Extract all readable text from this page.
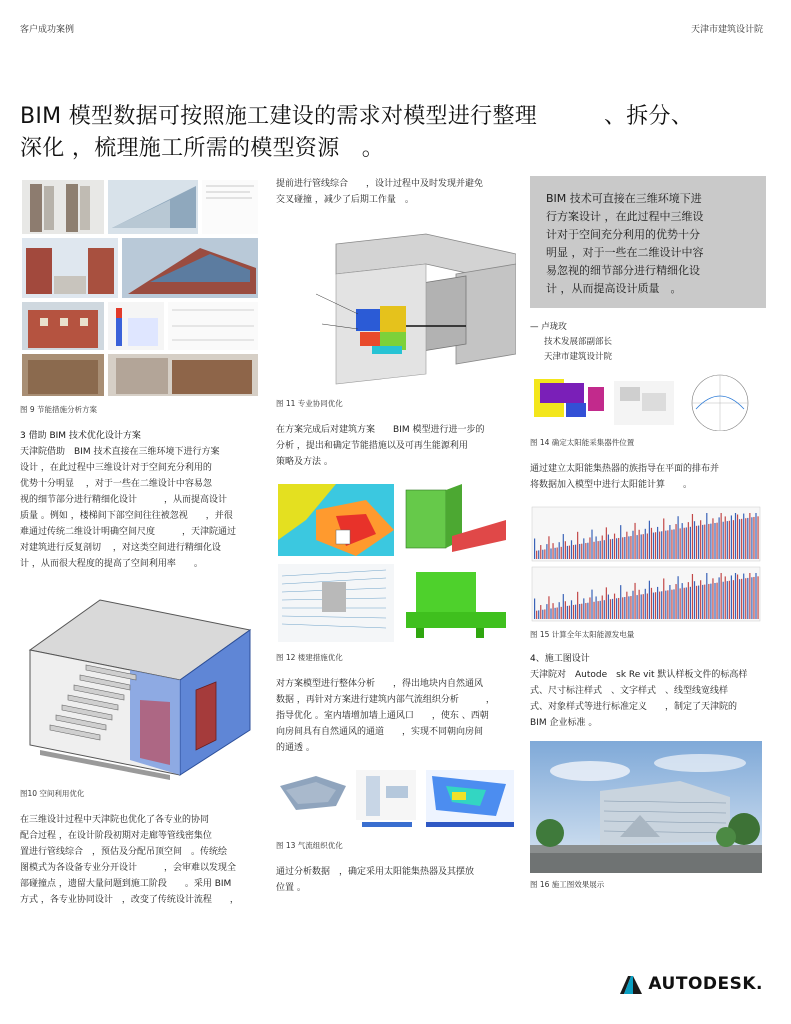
客户成功案例	天津市建筑设计院
BIM 模型数据可按照施工建设的需求对模型进行整理　　　、拆分、
深化 ，梳理施工所需的模型资源　。
图 9 节能措施分析方案
3 借助 BIM 技术优化设计方案
天津院借助　BIM 技术直接在三维环境下进行方案
设计 ，在此过程中三维设计对于空间充分利用的
优势十分明显　 ，对于一些在二维设计中容易忽
视的细节部分进行精细化设计　　　，从而提高设计
质量 。例如 ，楼梯间下部空间往往被忽视　　，并很
难通过传统二维设计明确空间尺度　　　，天津院通过
对建筑进行反复剖切　 ，对这类空间进行精细化设
计 ，从而很大程度的提高了空间利用率　　。
图10 空间利用优化
在三维设计过程中天津院也优化了各专业的协同
配合过程 ，在设计阶段初期对走廊等管线密集位
置进行管线综合　，预估及分配吊顶空间　。传统绘
图模式为各设备专业分开设计　　　，会审难以发现全
部碰撞点 ，遗留大量问题到施工阶段　　。采用 BIM
方式 ，各专业协同设计　，改变了传统设计流程　　，
提前进行管线综合　　，设计过程中及时发现并避免
交叉碰撞 ，减少了后期工作量　。
图 11 专业协同优化
在方案完成后对建筑方案　　BIM 模型进行进一步的
分析 ，提出和确定节能措施以及可再生能源利用
策略及方法 。
图 12 楼建措施优化
对方案模型进行整体分析　　，得出地块内自然通风
数据 ，再针对方案进行建筑内部气流组织分析　　　，
指导优化 。室内墙增加墙上通风口　　，使东 、西朝
向房间具有自然通风的通道　　，实现不同朝向房间
的通透 。
图 13 气流组织优化
通过分析数据　，确定采用太阳能集热器及其摆放
位置 。
BIM 技术可直接在三维环境下进
行方案设计 ，在此过程中三维设
计对于空间充分利用的优势十分
明显 ，对于一些在二维设计中容
易忽视的细节部分进行精细化设
计 ，从而提高设计质量　。
— 卢珑玫
技术发展部副部长
天津市建筑设计院
图 14 确定太阳能采集器件位置
通过建立太阳能集热器的族指导在平面的排布并
将数据加入模型中进行太阳能计算　　。
图 15 计算全年太阳能源发电量
4、施工图设计
天津院对　Autode　sk Re vit 默认样板文件的标高样
式、尺寸标注样式　、文字样式　、线型线宽线样
式、对象样式等进行标准定义　　，制定了天津院的
BIM 企业标准 。
图 16 施工图效果展示
AUTODESK.
